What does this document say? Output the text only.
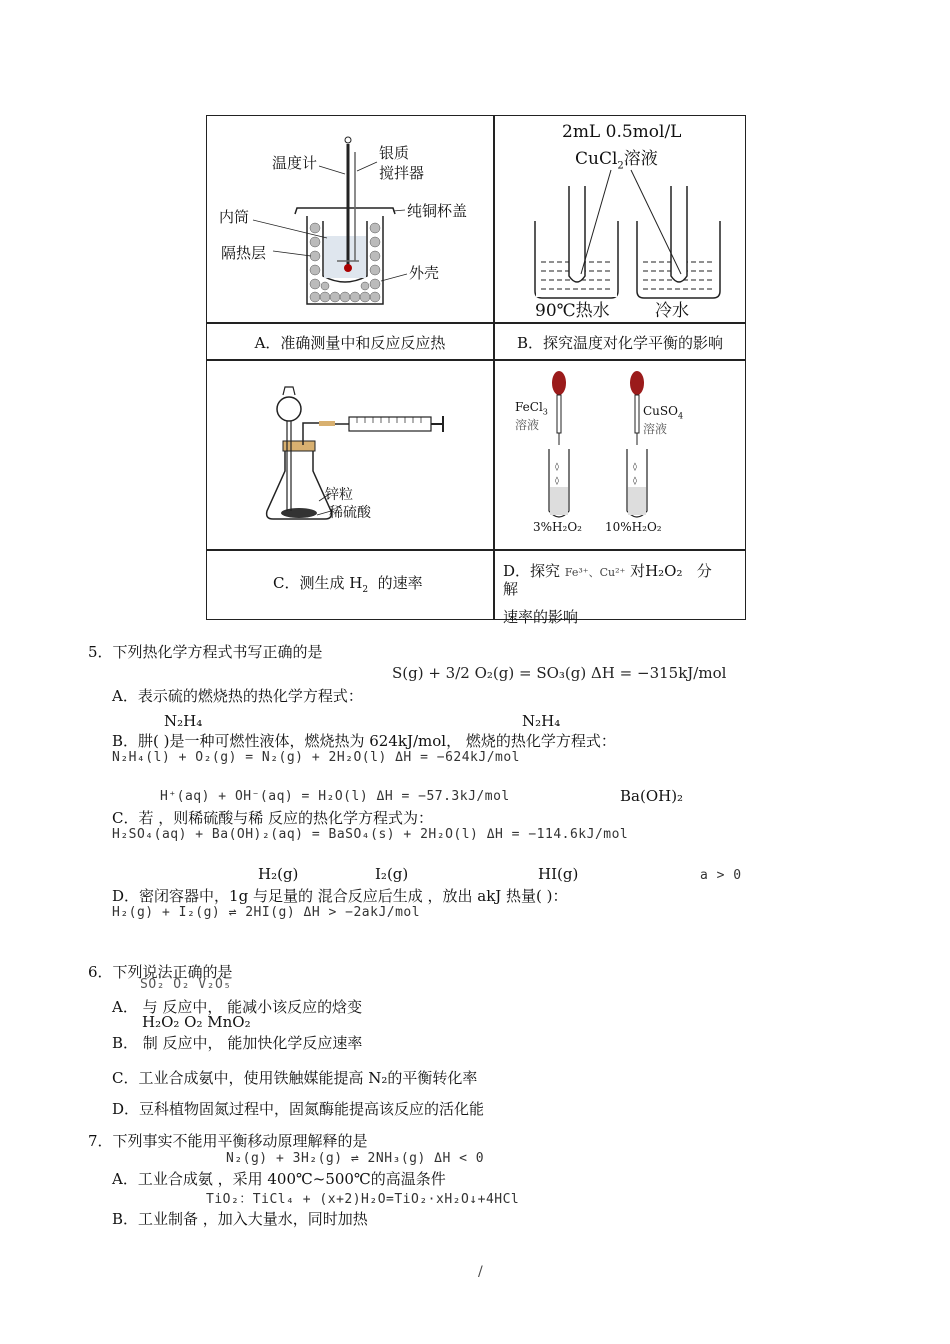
温度计
银质
搅拌器
内筒	纯铜杯盖
隔热层
外壳
2mL 0.5mol/L
CuCl$_2$溶液
90℃热水	冷水
A．准确测量中和反应反应热	B．探究温度对化学平衡的影响
锌粒
稀硫酸
◊
◊
◊
◊
FeCl$_3$
溶液
CuSO$_4$
溶液
3%H₂O₂ 10%H₂O₂
C．测生成 $H_2$ 的速率
D．探究 Fe³⁺、Cu²⁺ 对H₂O₂ 分
解
速率的影响
5．下列热化学方程式书写正确的是
S(g) + 3/2 O₂(g) = SO₃(g) ΔH = −315kJ/mol
A．表示硫的燃烧热的热化学方程式：
N₂H₄	N₂H₄
B．肼( )是一种可燃性液体，燃烧热为 624kJ/mol， 燃烧的热化学方程式：
N₂H₄(l) + O₂(g) = N₂(g) + 2H₂O(l) ΔH = −624kJ/mol
H⁺(aq) + OH⁻(aq) = H₂O(l) ΔH = −57.3kJ/mol	Ba(OH)₂
C．若 ，则稀硫酸与稀 反应的热化学方程式为：
H₂SO₄(aq) + Ba(OH)₂(aq) = BaSO₄(s) + 2H₂O(l) ΔH = −114.6kJ/mol
H₂(g)	I₂(g)	HI(g)	a > 0
D．密闭容器中，1g 与足量的 混合反应后生成 ，放出 akJ 热量( )：
H₂(g) + I₂(g) ⇌ 2HI(g) ΔH > −2akJ/mol
6．下列说法正确的是
SO₂ O₂ V₂O₅
A． 与 反应中， 能减小该反应的焓变
H₂O₂ O₂ MnO₂
B． 制 反应中， 能加快化学反应速率
C．工业合成氨中，使用铁触媒能提高 N₂的平衡转化率
D．豆科植物固氮过程中，固氮酶能提高该反应的活化能
7．下列事实不能用平衡移动原理解释的是
N₂(g) + 3H₂(g) ⇌ 2NH₃(g) ΔH < 0
A．工业合成氨 ，采用 400℃~500℃的高温条件
TiO₂：TiCl₄ + (x+2)H₂O=TiO₂·xH₂O↓+4HCl
B．工业制备 ，加入大量水，同时加热
/
